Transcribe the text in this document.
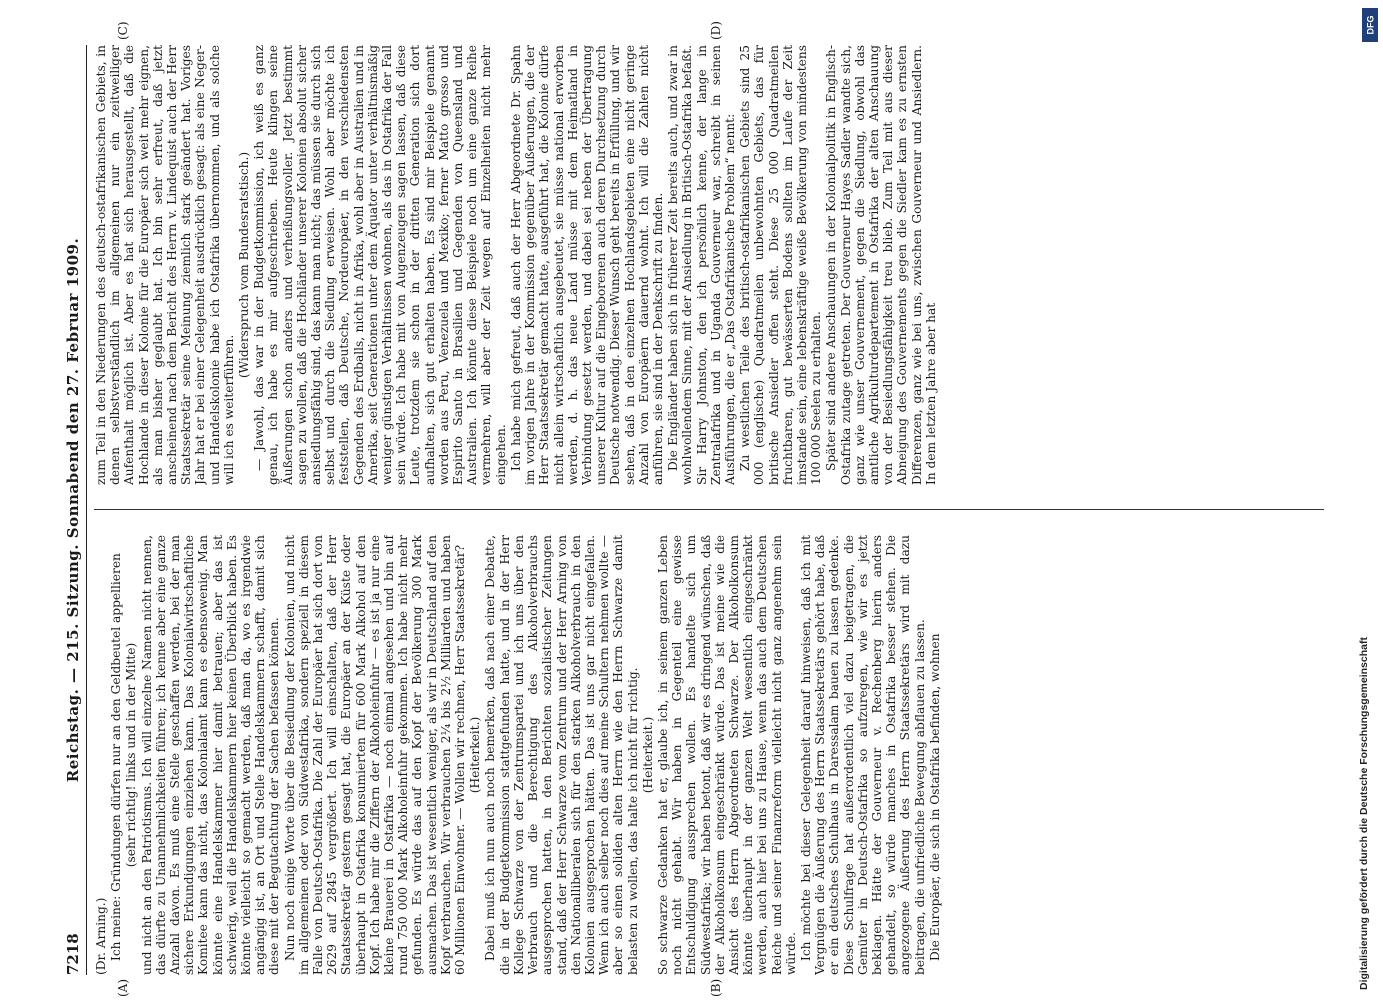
7218
Reichstag. — 215. Sitzung. Sonnabend den 27. Februar 1909.
(A)	(B)
(C)	(D)

(Dr. Arning.) Ich meine: Gründungen dürfen nur an den Geldbeutel appellieren (sehr richtig! links und in der Mitte) und nicht an den Patriotismus. Ich will einzelne Namen nicht nennen, das dürfte zu Unannehmlichkeiten führen; ich kenne aber eine ganze Anzahl davon. Es muß eine Stelle geschaffen werden, bei der man sichere Erkundigungen einziehen kann. Das Kolonialwirtschaftliche Komitee kann das nicht, das Kolonialamt kann es ebensowenig. Man könnte eine Handelskammer hier damit betrauen; aber das ist schwierig, weil die Handelskammern hier keinen Überblick haben. Es könnte vielleicht so gemacht werden, daß man da, wo es irgendwie angängig ist, an Ort und Stelle Handelskammern schafft, damit sich diese mit der Begutachtung der Sachen befassen können. Nun noch einige Worte über die Besiedlung der Kolonien, und nicht im allgemeinen oder von Südwestafrika, sondern speziell in diesem Falle von Deutsch-Ostafrika. Die Zahl der Europäer hat sich dort von 2629 auf 2845 vergrößert. Ich will einschalten, daß der Herr Staatssekretär gestern gesagt hat, die Europäer an der Küste oder überhaupt in Ostafrika konsumierten für 600 Mark Alkohol auf den Kopf. Ich habe mir die Ziffern der Alkoholeinfuhr — es ist ja nur eine kleine Brauerei in Ostafrika — noch einmal angesehen und bin auf rund 750 000 Mark Alkoholeinfuhr gekommen. Ich habe nicht mehr gefunden. Es würde das auf den Kopf der Bevölkerung 300 Mark ausmachen. Das ist wesentlich weniger, als wir in Deutschland auf den Kopf verbrauchen. Wir verbrauchen 2¼ bis 2½ Milliarden und haben 60 Millionen Einwohner. — Wollen wir rechnen, Herr Staatssekretär? (Heiterkeit.) Dabei muß ich nun auch noch bemerken, daß nach einer Debatte, die in der Budgetkommission stattgefunden hatte, und in der Herr Kollege Schwarze von der Zentrumspartei und ich uns über den Verbrauch und die Berechtigung des Alkoholverbrauchs ausgesprochen hatten, in den Berichten sozialistischer Zeitungen stand, daß der Herr Schwarze vom Zentrum und der Herr Arning von den Nationalliberalen sich für den starken Alkoholverbrauch in den Kolonien ausgesprochen hätten. Das ist uns gar nicht eingefallen. Wenn ich auch selber noch dies auf meine Schultern nehmen wollte — aber so einen soliden alten Herrn wie den Herrn Schwarze damit belasten zu wollen, das halte ich nicht für richtig. (Heiterkeit.) So schwarze Gedanken hat er, glaube ich, in seinem ganzen Leben noch nicht gehabt. Wir haben in Gegenteil eine gewisse Entschuldigung aussprechen wollen. Es handelte sich um Südwestafrika; wir haben betont, daß wir es dringend wünschen, daß der Alkoholkonsum eingeschränkt würde. Das ist meine wie die Ansicht des Herrn Abgeordneten Schwarze. Der Alkoholkonsum könnte überhaupt in der ganzen Welt wesentlich eingeschränkt werden, auch hier bei uns zu Hause, wenn das auch dem Deutschen Reiche und seiner Finanzreform vielleicht nicht ganz angenehm sein würde. Ich möchte bei dieser Gelegenheit darauf hinweisen, daß ich mit Vergnügen die Äußerung des Herrn Staatssekretärs gehört habe, daß er ein deutsches Schulhaus in Daressalam bauen zu lassen gedenke. Diese Schulfrage hat außerordentlich viel dazu beigetragen, die Gemüter in Deutsch-Ostafrika so aufzuregen, wie wir es jetzt beklagen. Hätte der Gouverneur v. Rechenberg hierin anders gehandelt, so würde manches in Ostafrika besser stehen. Die angezogene Äußerung des Herrn Staatssekretärs wird mit dazu beitragen, die unfriedliche Bewegung abflauen zu lassen. Die Europäer, die sich in Ostafrika befinden, wohnen

zum Teil in den Niederungen des deutsch-ostafrikanischen Gebiets, in denen selbstverständlich im allgemeinen nur ein zeitweiliger Aufenthalt möglich ist. Aber es hat sich herausgestellt, daß die Hochlande in dieser Kolonie für die Europäer sich weit mehr eignen, als man bisher geglaubt hat. Ich bin sehr erfreut, daß jetzt anscheinend nach dem Bericht des Herrn v. Lindequist auch der Herr Staatssekretär seine Meinung ziemlich stark geändert hat. Voriges Jahr hat er bei einer Gelegenheit ausdrücklich gesagt: als eine Neger- und Handelskolonie habe ich Ostafrika übernommen, und als solche will ich es weiterführen.

(Widerspruch vom Bundesratstisch.) — Jawohl, das war in der Budgetkommission, ich weiß es ganz genau, ich habe es mir aufgeschrieben. Heute klingen seine Äußerungen schon anders und verheißungsvoller. Jetzt bestimmt sagen zu wollen, daß die Hochländer unserer Kolonien absolut sicher ansiedlungsfähig sind, das kann man nicht; das müssen sie durch sich selbst und durch die Siedlung erweisen. Wohl aber möchte ich feststellen, daß Deutsche, Nordeuropäer, in den verschiedensten Gegenden des Erdballs, nicht in Afrika, wohl aber in Australien und in Amerika, seit Generationen unter dem Äquator unter verhältnismäßig weniger günstigen Verhältnissen wohnen, als das in Ostafrika der Fall sein würde. Ich habe mit von Augenzeugen sagen lassen, daß diese Leute, trotzdem sie schon in der dritten Generation sich dort aufhalten, sich gut erhalten haben. Es sind mir Beispiele genannt worden aus Peru, Venezuela und Mexiko; ferner Matto grosso und Espirito Santo in Brasilien und Gegenden von Queensland und Australien. Ich könnte diese Beispiele noch um eine ganze Reihe vermehren, will aber der Zeit wegen auf Einzelheiten nicht mehr eingehen. Ich habe mich gefreut, daß auch der Herr Abgeordnete Dr. Spahn im vorigen Jahre in der Kommission gegenüber Äußerungen, die der Herr Staatssekretär gemacht hatte, ausgeführt hat, die Kolonie dürfe nicht allein wirtschaftlich ausgebeutet, sie müsse national erworben werden, d. h. das neue Land müsse mit dem Heimatland in Verbindung gesetzt werden, und dabei sei neben der Übertragung unserer Kultur auf die Eingeborenen auch deren Durchsetzung durch Deutsche notwendig. Dieser Wunsch geht bereits in Erfüllung, und wir sehen, daß in den einzelnen Hochlandsgebieten eine nicht geringe Anzahl von Europäern dauernd wohnt. Ich will die Zahlen nicht anführen, sie sind in der Denkschrift zu finden. Die Engländer haben sich in früherer Zeit bereits auch, und zwar in wohlwollendem Sinne, mit der Ansiedlung in Britisch-Ostafrika befaßt. Sir Harry Johnston, den ich persönlich kenne, der lange in Zentralafrika und in Uganda Gouverneur war, schreibt in seinen Ausführungen, die er „Das Ostafrikanische Problem“ nennt: Zu westlichen Teile des britisch-ostafrikanischen Gebiets sind 25 000 (englische) Quadratmeilen unbewohnten Gebiets, das für britische Ansiedler offen steht. Diese 25 000 Quadratmeilen fruchtbaren, gut bewässerten Bodens sollten im Laufe der Zeit imstande sein, eine lebenskräftige weiße Bevölkerung von mindestens 100 000 Seelen zu erhalten. Später sind andere Anschauungen in der Kolonialpolitik in Englisch-Ostafrika zutage getreten. Der Gouverneur Hayes Sadler wandte sich, ganz wie unser Gouvernement, gegen die Siedlung, obwohl das amtliche Agrikulturdepartement in Ostafrika der alten Anschauung von der Besiedlungsfähigkeit treu blieb. Zum Teil mit aus dieser Abneigung des Gouvernements gegen die Siedler kam es zu ernsten Differenzen, ganz wie bei uns, zwischen Gouverneur und Ansiedlern. In dem letzten Jahre aber hat

DFG
Digitalisierung gefördert durch die Deutsche Forschungsgemeinschaft
